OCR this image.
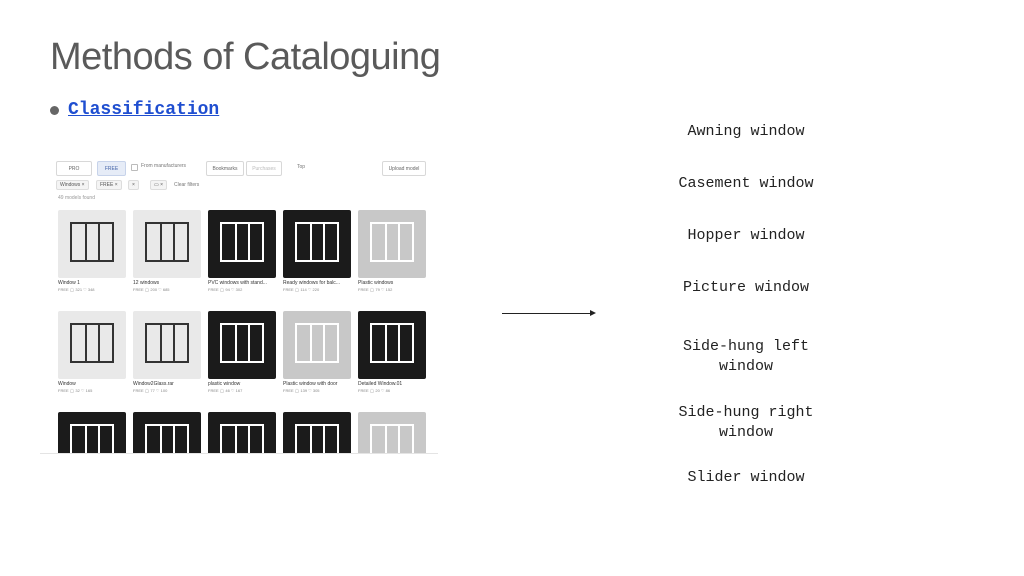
Methods of Cataloguing
Classification
PRO	FREE	From manufacturers	Bookmarks	Purchases	Top	Upload model
Windows ×	FREE ×	×	▭ ×	Clear filters
49 models found
Window 1
FREE ◯ 321 ♡ 348
12 windows
FREE ◯ 200 ♡ 685
PVC windows with stand...
FREE ◯ 94 ♡ 302
Ready windows for balc...
FREE ◯ 114 ♡ 220
Plastic windows
FREE ◯ 79 ♡ 152
Window
FREE ◯ 32 ♡ 165
Window2Glass.rar
FREE ◯ 77 ♡ 100
plastic window
FREE ◯ 46 ♡ 167
Plastic window with door
FREE ◯ 139 ♡ 305
Detailed Window.01
FREE ◯ 20 ♡ 86
Awning window
Casement window
Hopper window
Picture window
Side-hung left
window
Side-hung right
window
Slider window
